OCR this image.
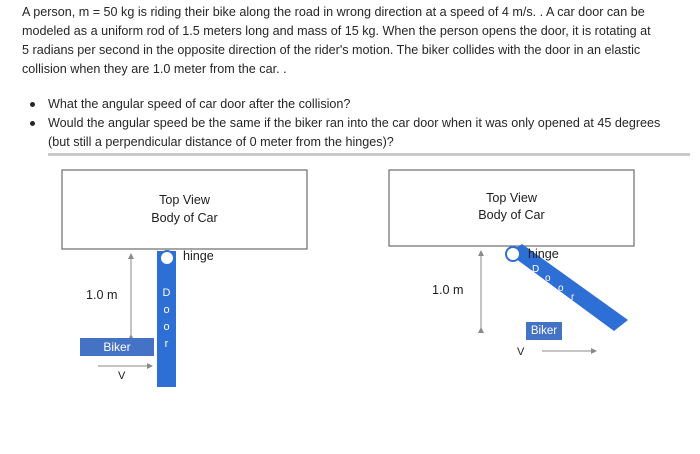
A person, m = 50 kg is riding their bike along the road in wrong direction at a speed of 4 m/s. . A car door can be
modeled as a uniform rod of 1.5 meters long and mass of 15 kg. When the person opens the door, it is rotating at
5 radians per second in the opposite direction of the rider's motion. The biker collides with the door in an elastic
collision when they are 1.0 meter from the car. .
What the angular speed of car door after the collision?
Would the angular speed be the same if the biker ran into the car door when it was only opened at 45 degrees
(but still a perpendicular distance of 0 meter from the hinges)?
Top View
Body of Car
hinge
1.0 m	D
o
o
r
Biker
V
Top View
Body of Car
hinge
1.0 m
D
o
o
r
Biker
V
